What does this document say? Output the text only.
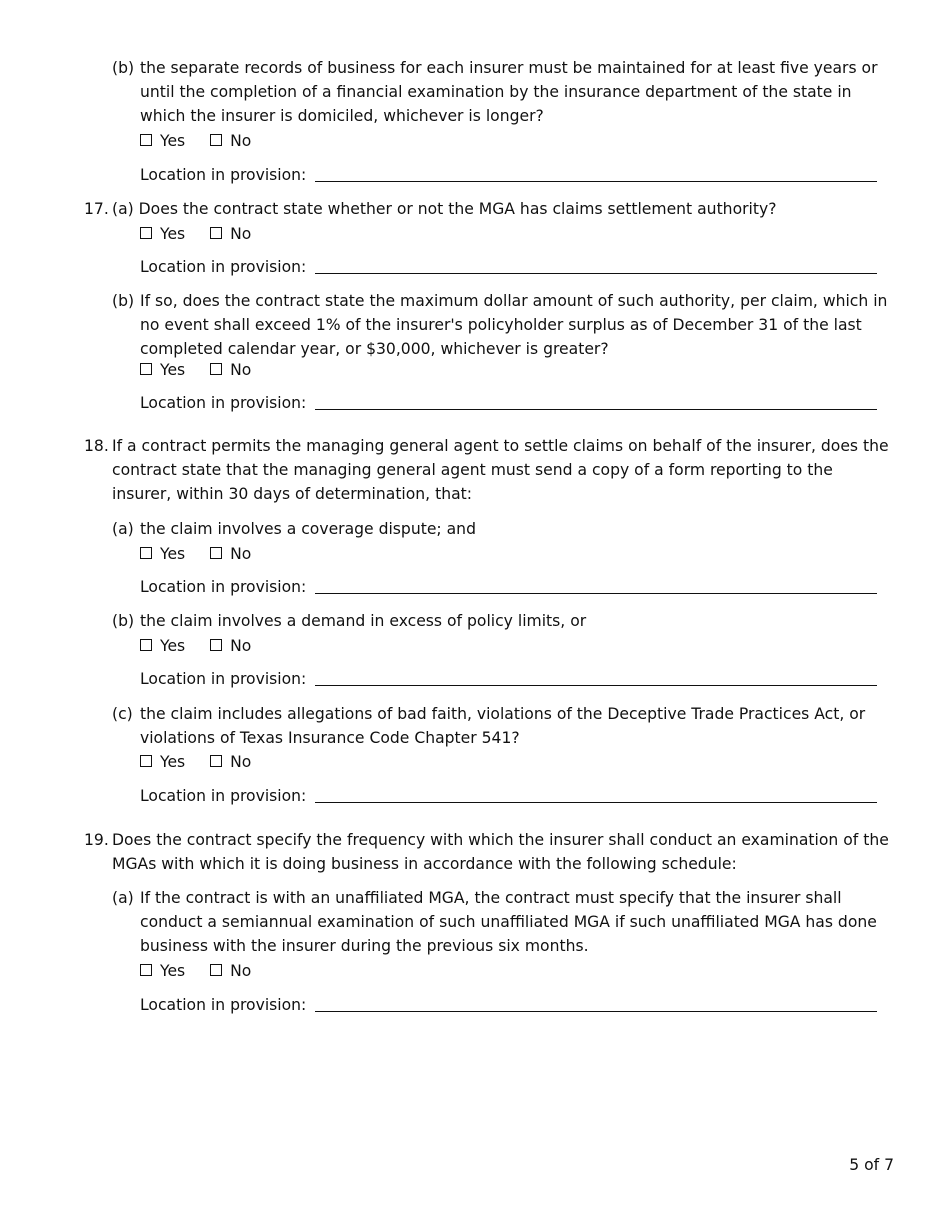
(b) the separate records of business for each insurer must be maintained for at least five years or until the completion of a financial examination by the insurance department of the state in which the insurer is domiciled, whichever is longer?
Yes	No
Location in provision:
17. (a) Does the contract state whether or not the MGA has claims settlement authority?
Yes	No
Location in provision:
(b) If so, does the contract state the maximum dollar amount of such authority, per claim, which in no event shall exceed 1% of the insurer's policyholder surplus as of December 31 of the last completed calendar year, or $30,000, whichever is greater?
Yes	No
Location in provision:
18. If a contract permits the managing general agent to settle claims on behalf of the insurer, does the contract state that the managing general agent must send a copy of a form reporting to the insurer, within 30 days of determination, that:
(a) the claim involves a coverage dispute; and
Yes	No
Location in provision:
(b) the claim involves a demand in excess of policy limits, or
Yes	No
Location in provision:
(c) the claim includes allegations of bad faith, violations of the Deceptive Trade Practices Act, or violations of Texas Insurance Code Chapter 541?
Yes	No
Location in provision:
19. Does the contract specify the frequency with which the insurer shall conduct an examination of the MGAs with which it is doing business in accordance with the following schedule:
(a) If the contract is with an unaffiliated MGA, the contract must specify that the insurer shall conduct a semiannual examination of such unaffiliated MGA if such unaffiliated MGA has done business with the insurer during the previous six months.
Yes	No
Location in provision:
5 of 7
